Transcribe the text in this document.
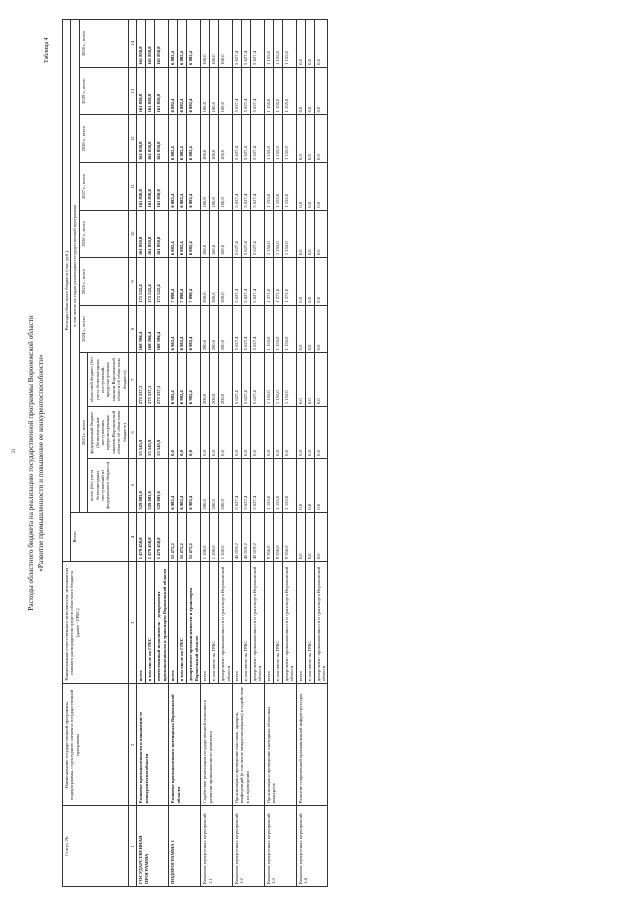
31
Таблица 4
Расходы областного бюджета на реализацию государственной программы Воронежской области «Развитие промышленности и повышение ее конкурентоспособности»
Статус, №	Наименование государственной программы, подпрограммы, структурного элемента государственной программы	Наименование ответственного исполнителя, исполнителя - главного распорядителя средств областного бюджета (далее - ГРБС)	Расходы областного бюджета (тыс. руб.)										
			Всего	в том числе по годам реализации государственной программы									
				2023 г., всего			2024 г., всего	2025 г., всего	2026 г., всего	2027 г., всего	2028 г., всего	2029 г., всего	2030 г., всего
				всего (без учета безвозмездных поступлений из федерального бюджета)	федеральный бюджет (безвозмездные поступления, предусмотренные законом Воронежской области об областном бюджете)	областной бюджет (без учета безвозмездных поступлений, предусмотренных законом Воронежской области об областном бюджете)							
1	2	3	4	5	6	7	8	9	10	11	12	13	14
ГОСУДАРСТВЕННАЯ ПРОГРАММА	Развитие промышленности и повышение ее конкурентоспособности	всего	1 479 458,8	329 083,0	55 545,9	273 537,1	168 596,4	171 522,4	161 850,8	161 850,8	161 850,8	161 850,8	161 850,8
		в том числе по ГРБС	1 479 458,8	329 083,0	55 545,9	273 537,1	168 596,4	171 522,4	161 850,8	161 850,8	161 850,8	161 850,8	161 850,8
		ответственный исполнитель - департамент промышленности и транспорта Воронежской области	1 479 458,8	329 083,0	55 545,9	273 537,1	168 596,4	171 522,4	161 850,8	161 850,8	161 850,8	161 850,8	161 850,8
ПОДПРОГРАММА 1	Развитие промышленного потенциала Воронежской области	всего	55 475,2	6 982,4	0,0	6 982,4	6 982,4	7 098,4	6 882,4	6 882,4	6 882,4	6 882,4	6 882,4
		в том числе по ГРБС	55 475,2	6 982,4	0,0	6 982,4	6 982,4	7 098,4	6 882,4	6 882,4	6 882,4	6 882,4	6 882,4
		департамент промышленности и транспорта Воронежской области	55 475,2	6 982,4	0,0	6 982,4	6 982,4	7 098,4	6 882,4	6 882,4	6 882,4	6 882,4	6 882,4
Комплекс процессных мероприятий 1.1	Содействие реализации государственной политики в развитии промышленного комплекса	всего	1 100,0	200,0	0,0	200,0	200,0	200,0	100,0	100,0	100,0	100,0	100,0
		в том числе по ГРБС	1 100,0	200,0	0,0	200,0	200,0	200,0	100,0	100,0	100,0	100,0	100,0
		департамент промышленности и транспорта Воронежской области	1 100,0	200,0	0,0	200,0	200,0	200,0	100,0	100,0	100,0	100,0	100,0
Комплекс процессных мероприятий 1.2	Организация и проведение выставок, ярмарок, конференций (в том числе межрегиональных) и содействие в их проведении	всего	45 019,2	5 627,4	0,0	5 627,4	5 627,4	5 627,4	5 627,4	5 627,4	5 627,4	5 627,4	5 627,4
		в том числе по ГРБС	45 019,2	5 627,4	0,0	5 627,4	5 627,4	5 627,4	5 627,4	5 627,4	5 627,4	5 627,4	5 627,4
		департамент промышленности и транспорта Воронежской области	45 019,2	5 627,4	0,0	5 627,4	5 627,4	5 627,4	5 627,4	5 627,4	5 627,4	5 627,4	5 627,4
Комплекс процессных мероприятий 1.3	Организация и проведение ежегодных областных конкурсов	всего	9 356,0	1 155,0	0,0	1 155,0	1 155,0	1 271,0	1 155,0	1 155,0	1 155,0	1 155,0	1 155,0
		в том числе по ГРБС	9 356,0	1 155,0	0,0	1 155,0	1 155,0	1 271,0	1 155,0	1 155,0	1 155,0	1 155,0	1 155,0
		департамент промышленности и транспорта Воронежской области	9 356,0	1 155,0	0,0	1 155,0	1 155,0	1 271,0	1 155,0	1 155,0	1 155,0	1 155,0	1 155,0
Комплекс процессных мероприятий 1.4	Развитие современной промышленной инфраструктуры	всего	0,0	0,0	0,0	0,0	0,0	0,0	0,0	0,0	0,0	0,0	0,0
		в том числе по ГРБС	0,0	0,0	0,0	0,0	0,0	0,0	0,0	0,0	0,0	0,0	0,0
		департамент промышленности и транспорта Воронежской области	0,0	0,0	0,0	0,0	0,0	0,0	0,0	0,0	0,0	0,0	0,0
